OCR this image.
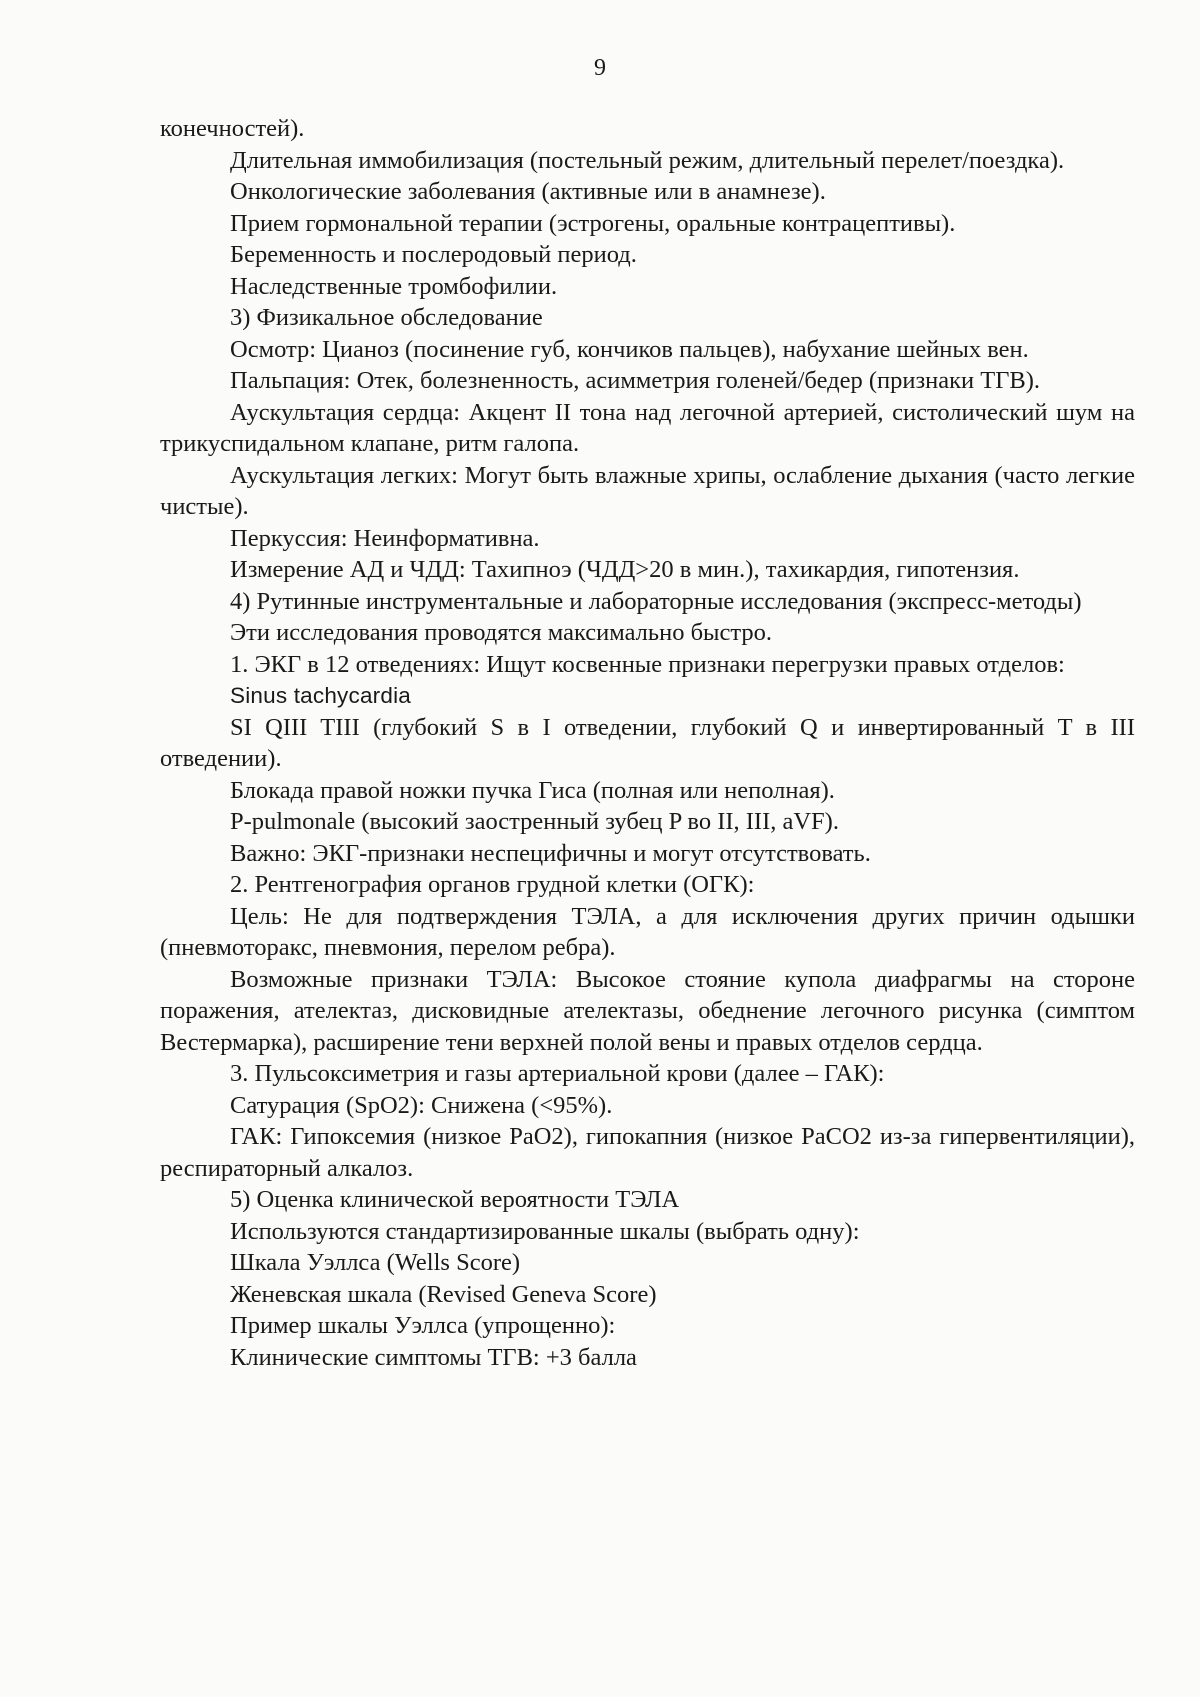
9

конечностей).

Длительная иммобилизация (постельный режим, длительный перелет/поездка).

Онкологические заболевания (активные или в анамнезе).

Прием гормональной терапии (эстрогены, оральные контрацептивы).

Беременность и послеродовый период.

Наследственные тромбофилии.

3) Физикальное обследование

Осмотр: Цианоз (посинение губ, кончиков пальцев), набухание шейных вен.

Пальпация: Отек, болезненность, асимметрия голеней/бедер (признаки ТГВ).

Аускультация сердца: Акцент II тона над легочной артерией, систолический шум на трикуспидальном клапане, ритм галопа.

Аускультация легких: Могут быть влажные хрипы, ослабление дыхания (часто легкие чистые).

Перкуссия: Неинформативна.

Измерение АД и ЧДД: Тахипноэ (ЧДД>20 в мин.), тахикардия, гипотензия.

4) Рутинные инструментальные и лабораторные исследования (экспресс-методы)

Эти исследования проводятся максимально быстро.

1. ЭКГ в 12 отведениях: Ищут косвенные признаки перегрузки правых отделов:

Sinus tachycardia

SI QIII TIII (глубокий S в I отведении, глубокий Q и инвертированный T в III отведении).

Блокада правой ножки пучка Гиса (полная или неполная).

P-pulmonale (высокий заостренный зубец P во II, III, aVF).

Важно: ЭКГ-признаки неспецифичны и могут отсутствовать.

2. Рентгенография органов грудной клетки (ОГК):

Цель: Не для подтверждения ТЭЛА, а для исключения других причин одышки (пневмоторакс, пневмония, перелом ребра).

Возможные признаки ТЭЛА: Высокое стояние купола диафрагмы на стороне поражения, ателектаз, дисковидные ателектазы, обеднение легочного рисунка (симптом Вестермарка), расширение тени верхней полой вены и правых отделов сердца.

3. Пульсоксиметрия и газы артериальной крови (далее – ГАК):

Сатурация (SpO2): Снижена (<95%).

ГАК: Гипоксемия (низкое PaO2), гипокапния (низкое PaCO2 из-за гипервентиляции), респираторный алкалоз.

5) Оценка клинической вероятности ТЭЛА

Используются стандартизированные шкалы (выбрать одну):

Шкала Уэллса (Wells Score)

Женевская шкала (Revised Geneva Score)

Пример шкалы Уэллса (упрощенно):

Клинические симптомы ТГВ: +3 балла
